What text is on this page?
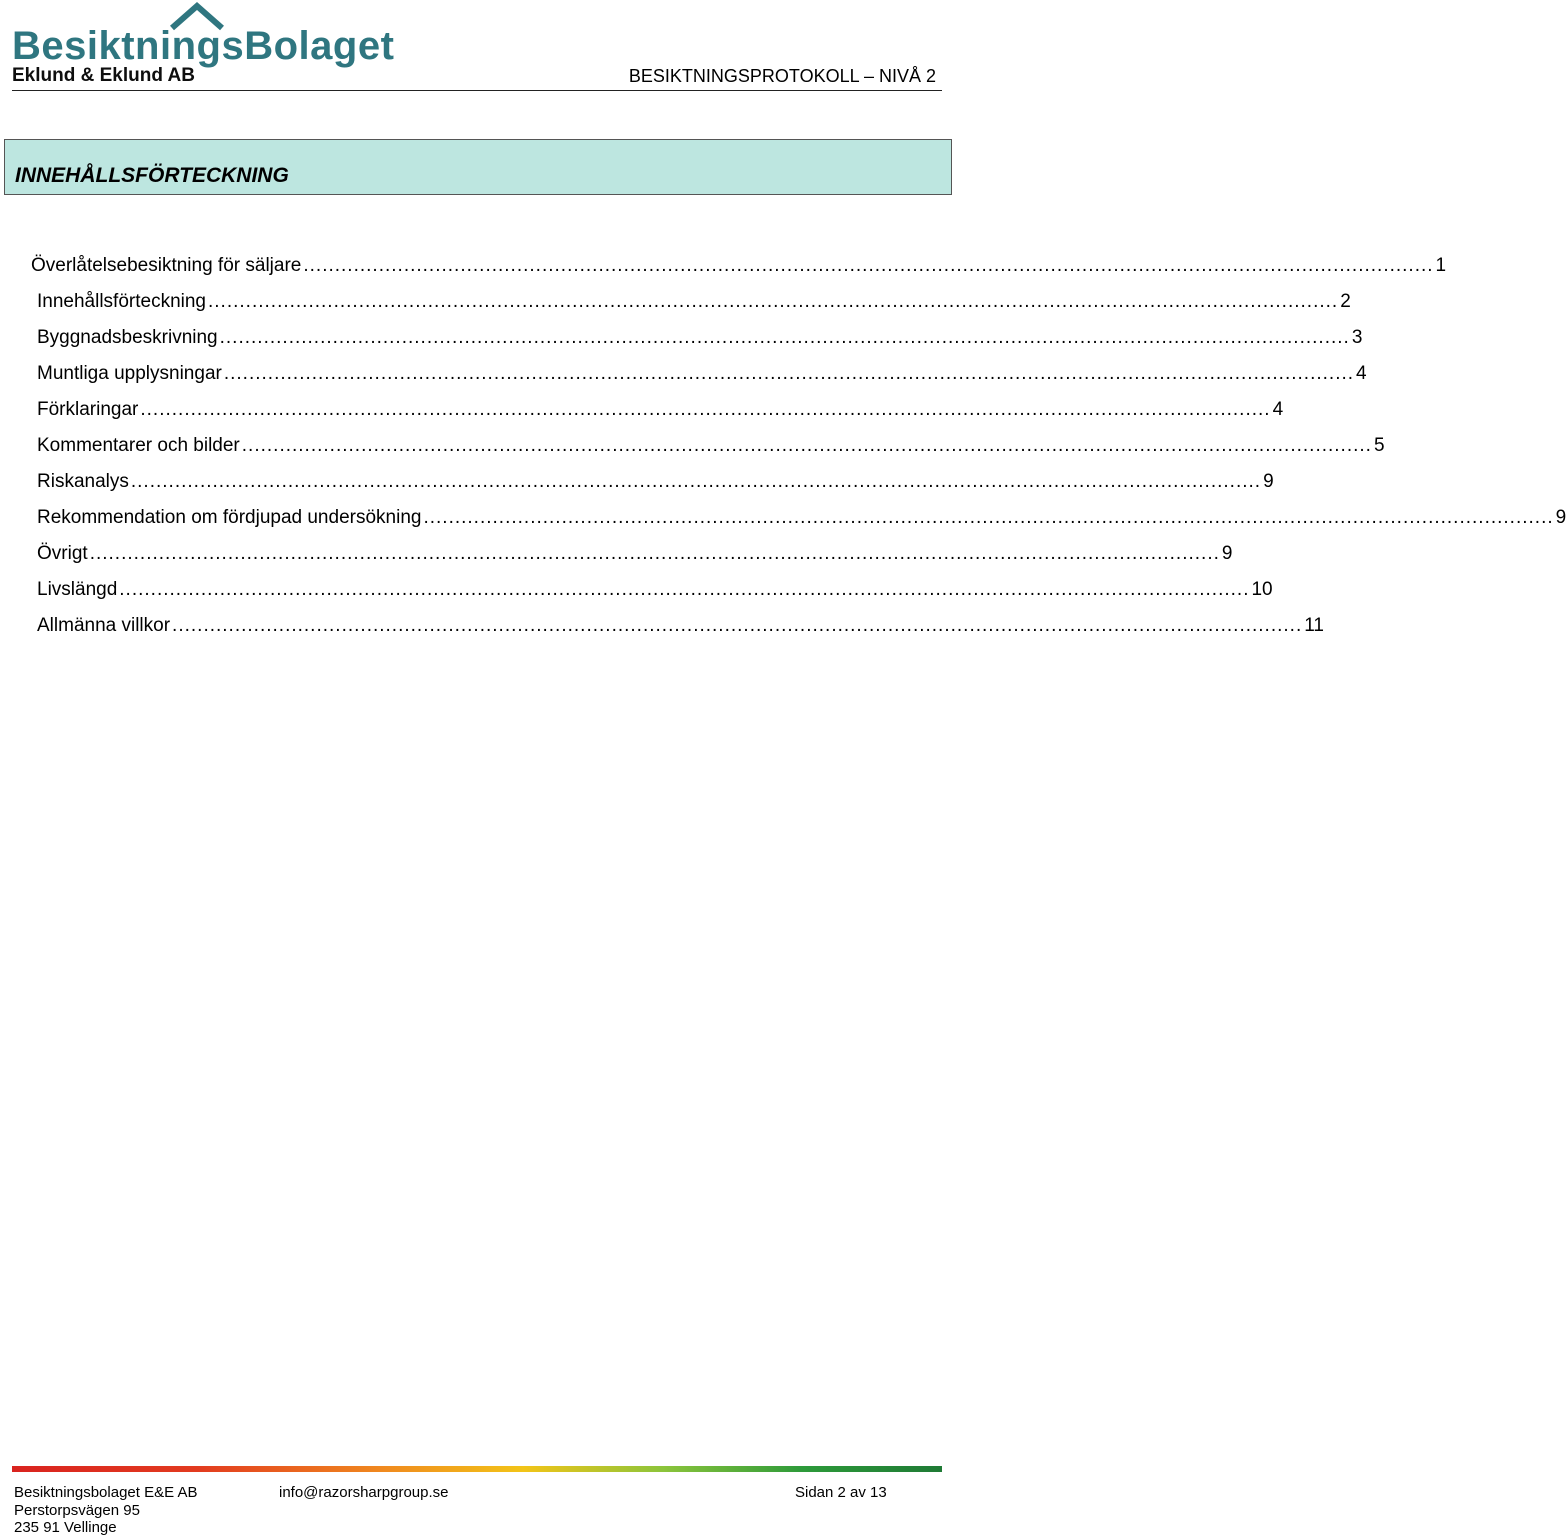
BesiktningsBolaget
Eklund & Eklund AB	BESIKTNINGSPROTOKOLL – NIVÅ 2
INNEHÅLLSFÖRTECKNING
Överlåtelsebesiktning för säljare .................................................................................................................................................................................... 1
Innehållsförteckning .................................................................................................................................................................................... 2
Byggnadsbeskrivning .................................................................................................................................................................................... 3
Muntliga upplysningar .................................................................................................................................................................................... 4
Förklaringar .................................................................................................................................................................................... 4
Kommentarer och bilder .................................................................................................................................................................................... 5
Riskanalys .................................................................................................................................................................................... 9
Rekommendation om fördjupad undersökning .................................................................................................................................................................................... 9
Övrigt .................................................................................................................................................................................... 9
Livslängd .................................................................................................................................................................................... 10
Allmänna villkor .................................................................................................................................................................................... 11
Besiktningsbolaget E&E AB
Perstorpsvägen 95
235 91 Vellinge
info@razorsharpgroup.se	Sidan 2 av 13
